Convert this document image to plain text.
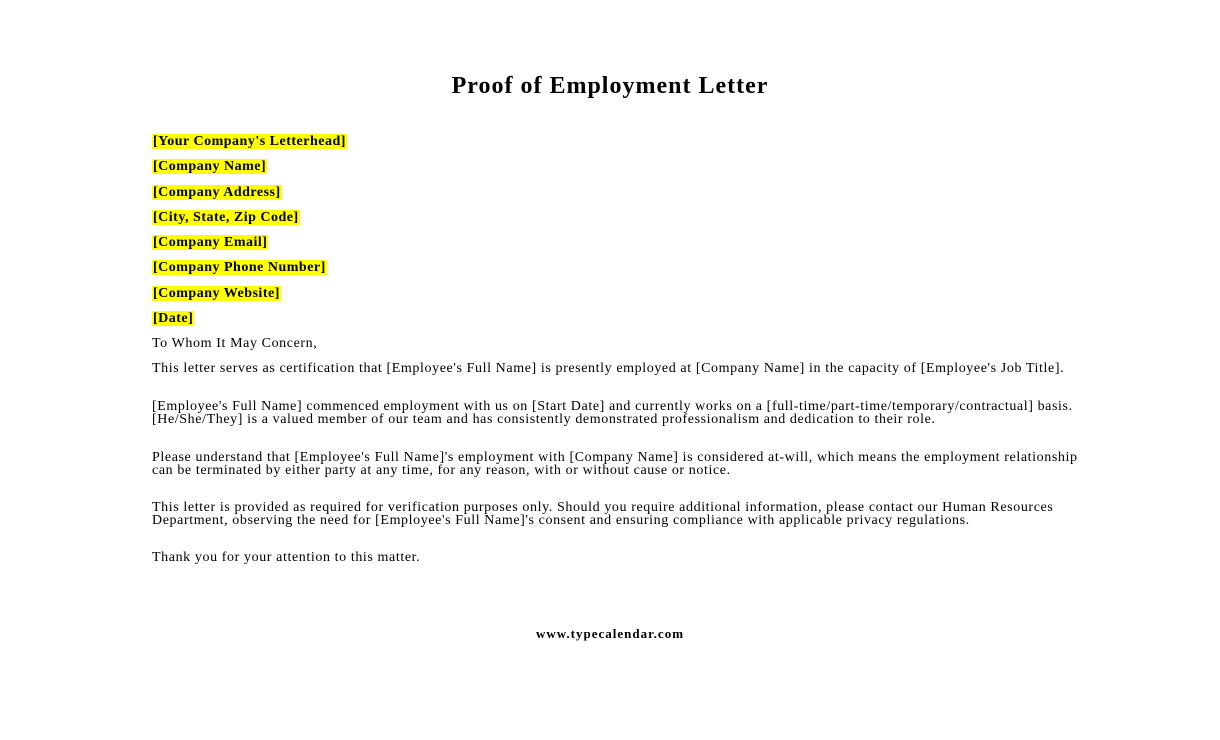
Proof of Employment Letter
[Your Company's Letterhead]
[Company Name]
[Company Address]
[City, State, Zip Code]
[Company Email]
[Company Phone Number]
[Company Website]
[Date]

To Whom It May Concern,

This letter serves as certification that [Employee's Full Name] is presently employed at [Company Name] in the capacity of [Employee's Job Title].

[Employee's Full Name] commenced employment with us on [Start Date] and currently works on a [full-time/part-time/temporary/contractual] basis. [He/She/They] is a valued member of our team and has consistently demonstrated professionalism and dedication to their role.

Please understand that [Employee's Full Name]'s employment with [Company Name] is considered at-will, which means the employment relationship can be terminated by either party at any time, for any reason, with or without cause or notice.

This letter is provided as required for verification purposes only. Should you require additional information, please contact our Human Resources Department, observing the need for [Employee's Full Name]'s consent and ensuring compliance with applicable privacy regulations.

Thank you for your attention to this matter.

www.typecalendar.com
